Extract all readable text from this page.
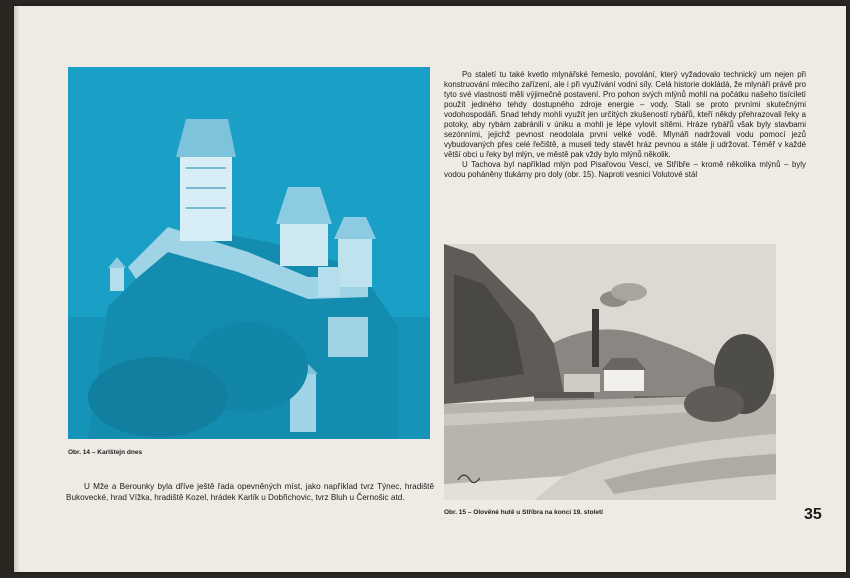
Obr. 14 – Karlštejn dnes

U Mže a Berounky byla dříve ještě řada opevněných míst, jako například tvrz Týnec, hradiště Bukovecké, hrad Vížka, hradiště Kozel, hrádek Karlík u Dobřichovic, tvrz Bluh u Černošic atd.

Po staletí tu také kvetlo mlynářské řemeslo, povolání, který vyžadovalo technický um nejen při konstruování mlecího zařízení, ale i při využívání vodní síly. Celá historie dokládá, že mlynáři právě pro tyto své vlastnosti měli výjimečné postavení. Pro pohon svých mlýnů mohli na počátku našeho tisíciletí použít jediného tehdy dostupného zdroje energie – vody. Stali se proto prvními skutečnými vodohospodáři. Snad tehdy mohli využít jen určitých zkušeností rybářů, kteří někdy přehrazovali řeky a potoky, aby rybám zabránili v úniku a mohli je lépe vylovit sítěmi. Hráze rybářů však byly stavbami sezónními, jejichž pevnost neodolala první velké vodě. Mlynáři nadržovali vodu pomocí jezů vybudovaných přes celé řečiště, a museli tedy stavět hráz pevnou a stále ji udržovat. Téměř v každé větší obci u řeky byl mlýn, ve městě pak vždy bylo mlýnů několik.

U Tachova byl například mlýn pod Pisařovou Vescí, ve Stříbře – kromě několika mlýnů – byly vodou poháněny tlukárny pro doly (obr. 15). Naproti vesnici Volutové stál

Obr. 15 – Olověné hutě u Stříbra na konci 19. století	35
